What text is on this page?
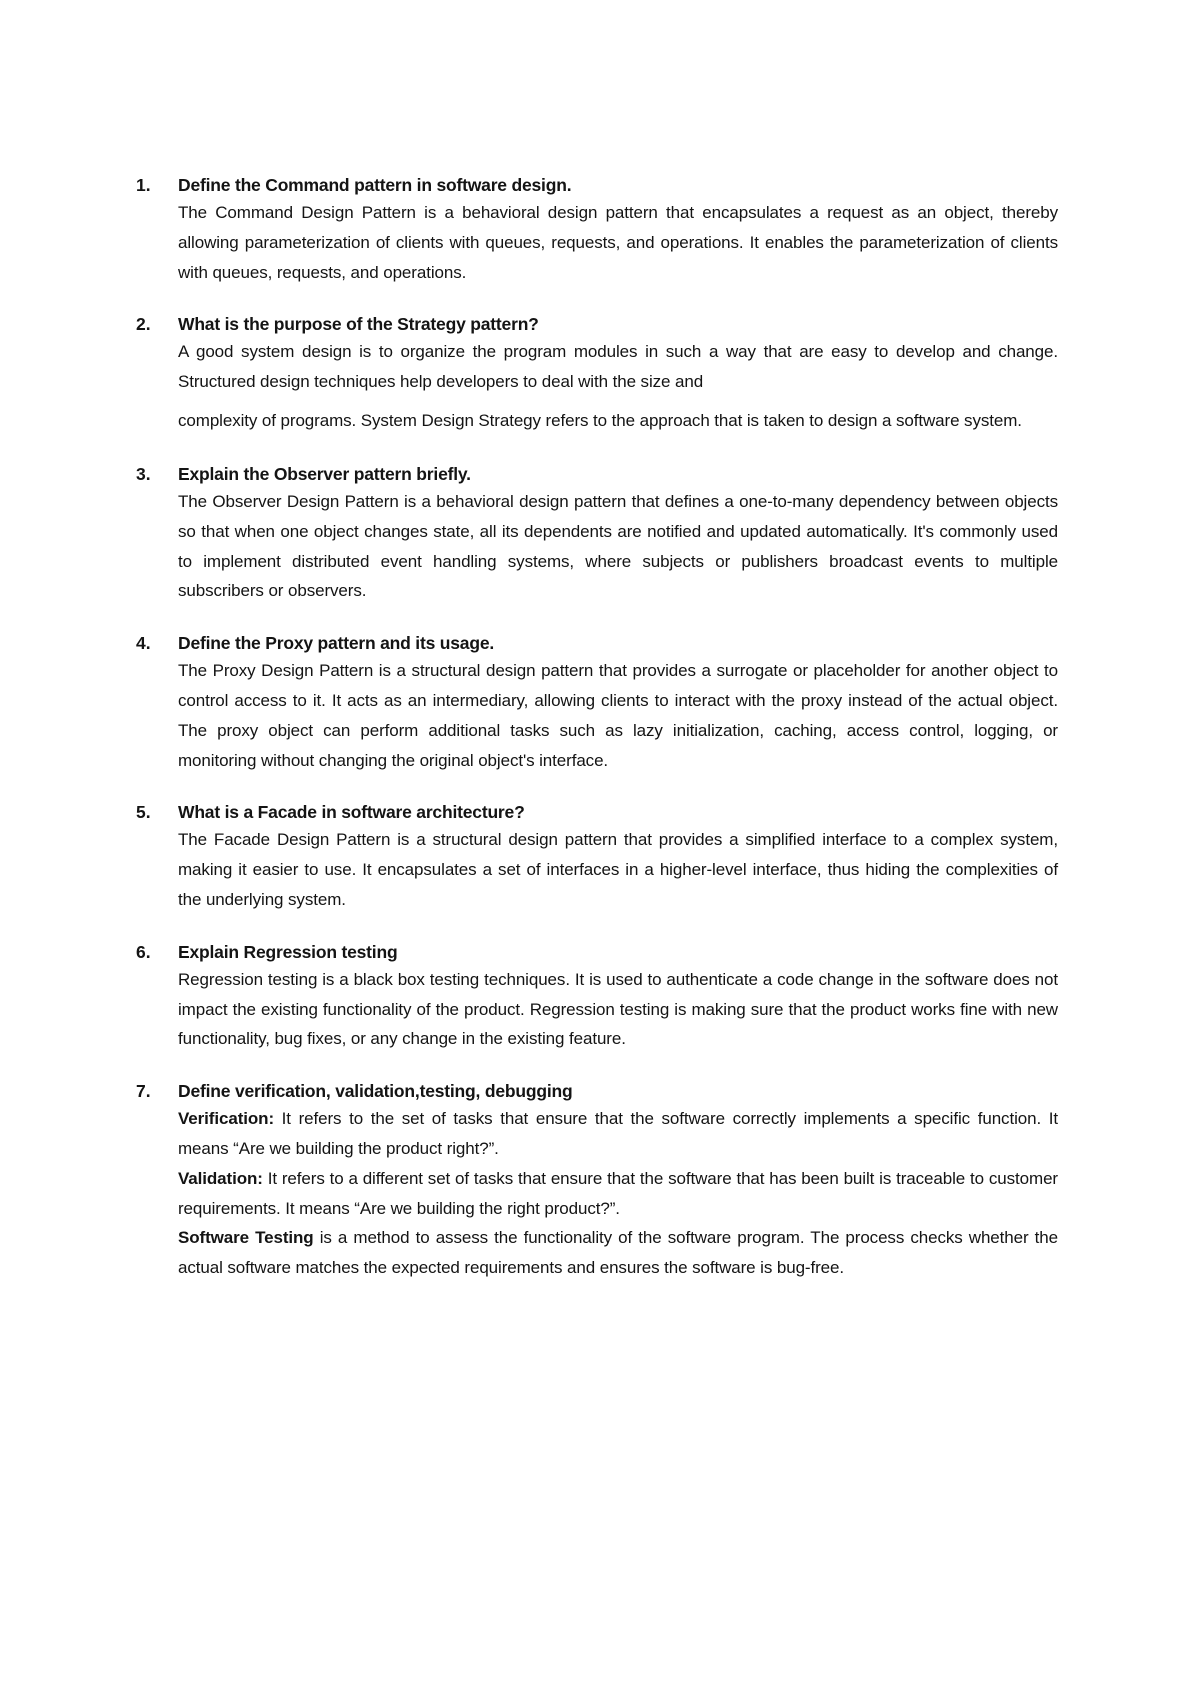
1.	Define the Command pattern in software design.

The Command Design Pattern is a behavioral design pattern that encapsulates a request as an object, thereby allowing parameterization of clients with queues, requests, and operations. It enables the parameterization of clients with queues, requests, and operations.

2.	What is the purpose of the Strategy pattern?

A good system design is to organize the program modules in such a way that are easy to develop and change. Structured design techniques help developers to deal with the size and

complexity of programs. System Design Strategy refers to the approach that is taken to design a software system.

3.	Explain the Observer pattern briefly.

The Observer Design Pattern is a behavioral design pattern that defines a one-to-many dependency between objects so that when one object changes state, all its dependents are notified and updated automatically. It's commonly used to implement distributed event handling systems, where subjects or publishers broadcast events to multiple subscribers or observers.

4.	Define the Proxy pattern and its usage.

The Proxy Design Pattern is a structural design pattern that provides a surrogate or placeholder for another object to control access to it. It acts as an intermediary, allowing clients to interact with the proxy instead of the actual object. The proxy object can perform additional tasks such as lazy initialization, caching, access control, logging, or monitoring without changing the original object's interface.

5.	What is a Facade in software architecture?

The Facade Design Pattern is a structural design pattern that provides a simplified interface to a complex system, making it easier to use. It encapsulates a set of interfaces in a higher-level interface, thus hiding the complexities of the underlying system.

6.	Explain Regression testing

Regression testing is a black box testing techniques. It is used to authenticate a code change in the software does not impact the existing functionality of the product. Regression testing is making sure that the product works fine with new functionality, bug fixes, or any change in the existing feature.

7.	Define verification, validation,testing, debugging

Verification: It refers to the set of tasks that ensure that the software correctly implements a specific function. It means “Are we building the product right?”.

Validation: It refers to a different set of tasks that ensure that the software that has been built is traceable to customer requirements. It means “Are we building the right product?”.

Software Testing is a method to assess the functionality of the software program. The process checks whether the actual software matches the expected requirements and ensures the software is bug-free.
